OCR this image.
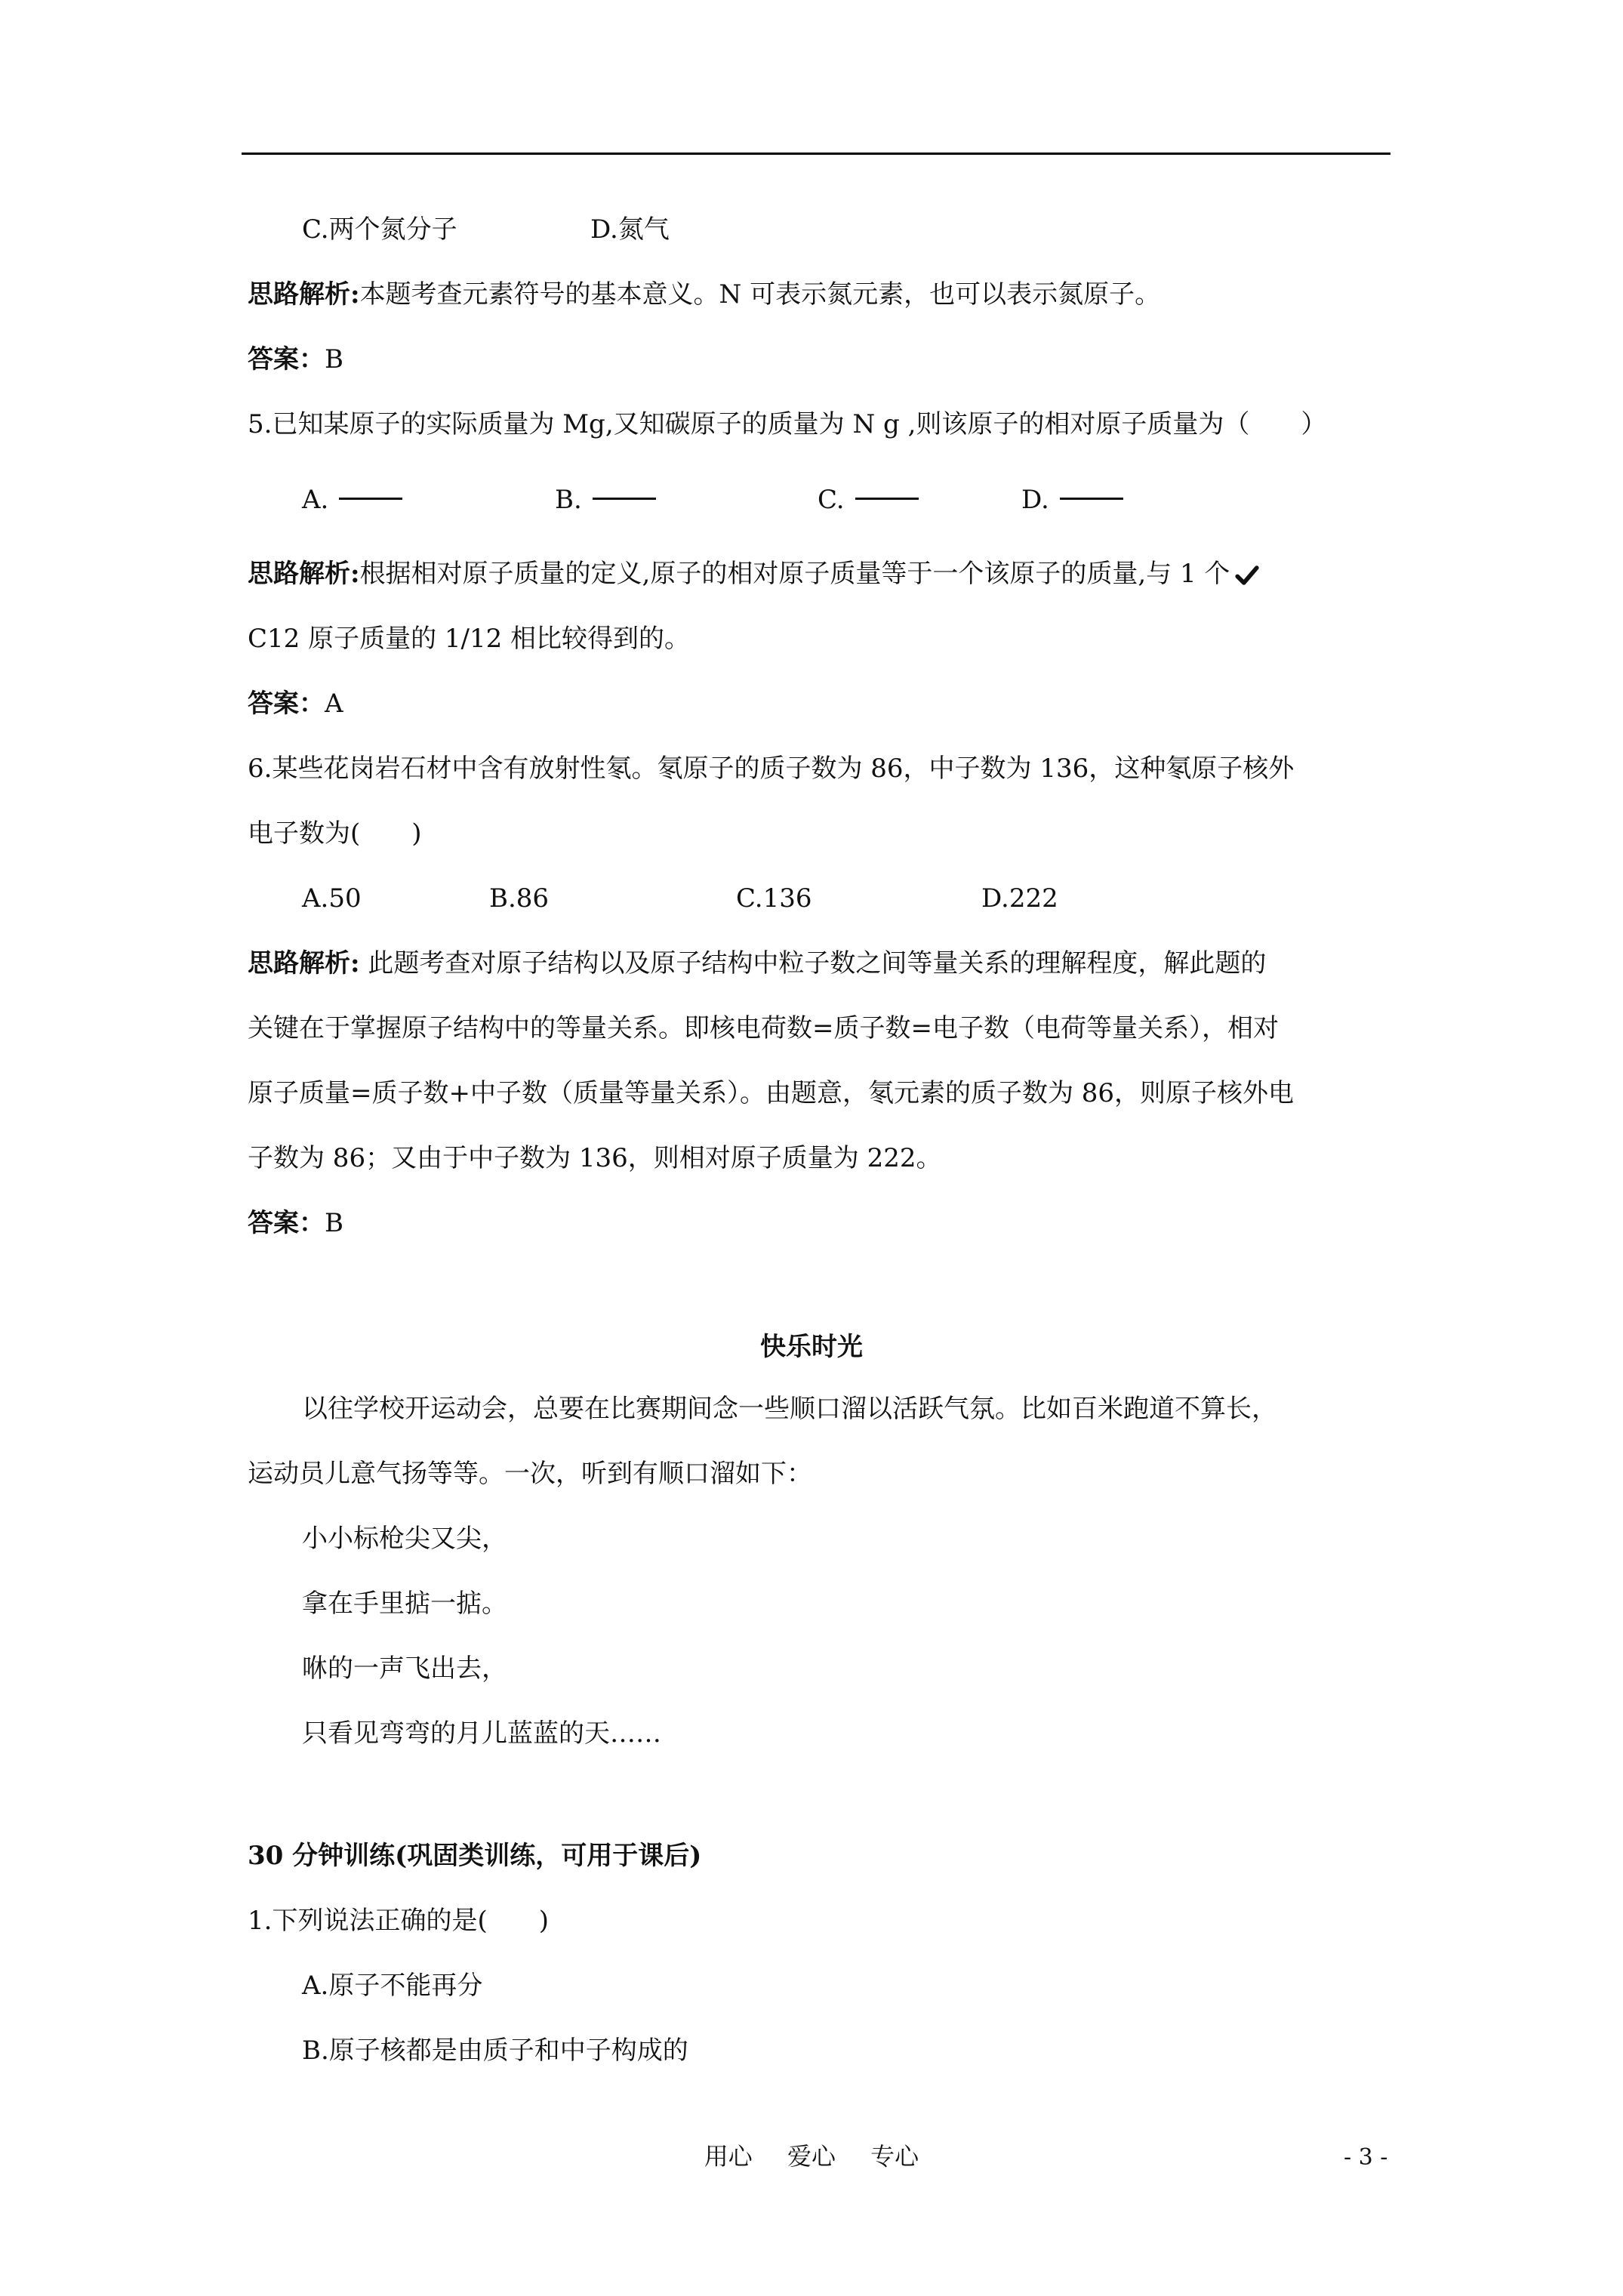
C.两个氮分子	D.氮气
思路解析:本题考查元素符号的基本意义。N 可表示氮元素，也可以表示氮原子。
答案：B
5.已知某原子的实际质量为 Mg,又知碳原子的质量为 N g ,则该原子的相对原子质量为（　　）
A.	B.	C.	D.
思路解析:根据相对原子质量的定义,原子的相对原子质量等于一个该原子的质量,与 1 个
C12 原子质量的 1/12 相比较得到的。
答案：A
6.某些花岗岩石材中含有放射性氡。氡原子的质子数为 86，中子数为 136，这种氡原子核外
电子数为(　　)
A.50	B.86	C.136	D.222
思路解析: 此题考查对原子结构以及原子结构中粒子数之间等量关系的理解程度，解此题的
关键在于掌握原子结构中的等量关系。即核电荷数=质子数=电子数（电荷等量关系），相对
原子质量=质子数+中子数（质量等量关系）。由题意，氡元素的质子数为 86，则原子核外电
子数为 86；又由于中子数为 136，则相对原子质量为 222。
答案：B
快乐时光
以往学校开运动会，总要在比赛期间念一些顺口溜以活跃气氛。比如百米跑道不算长，
运动员儿意气扬等等。一次，听到有顺口溜如下：
小小标枪尖又尖，
拿在手里掂一掂。
咻的一声飞出去，
只看见弯弯的月儿蓝蓝的天……
30 分钟训练(巩固类训练，可用于课后)
1.下列说法正确的是(　　)
A.原子不能再分
B.原子核都是由质子和中子构成的
用心 爱心 专心	- 3 -
